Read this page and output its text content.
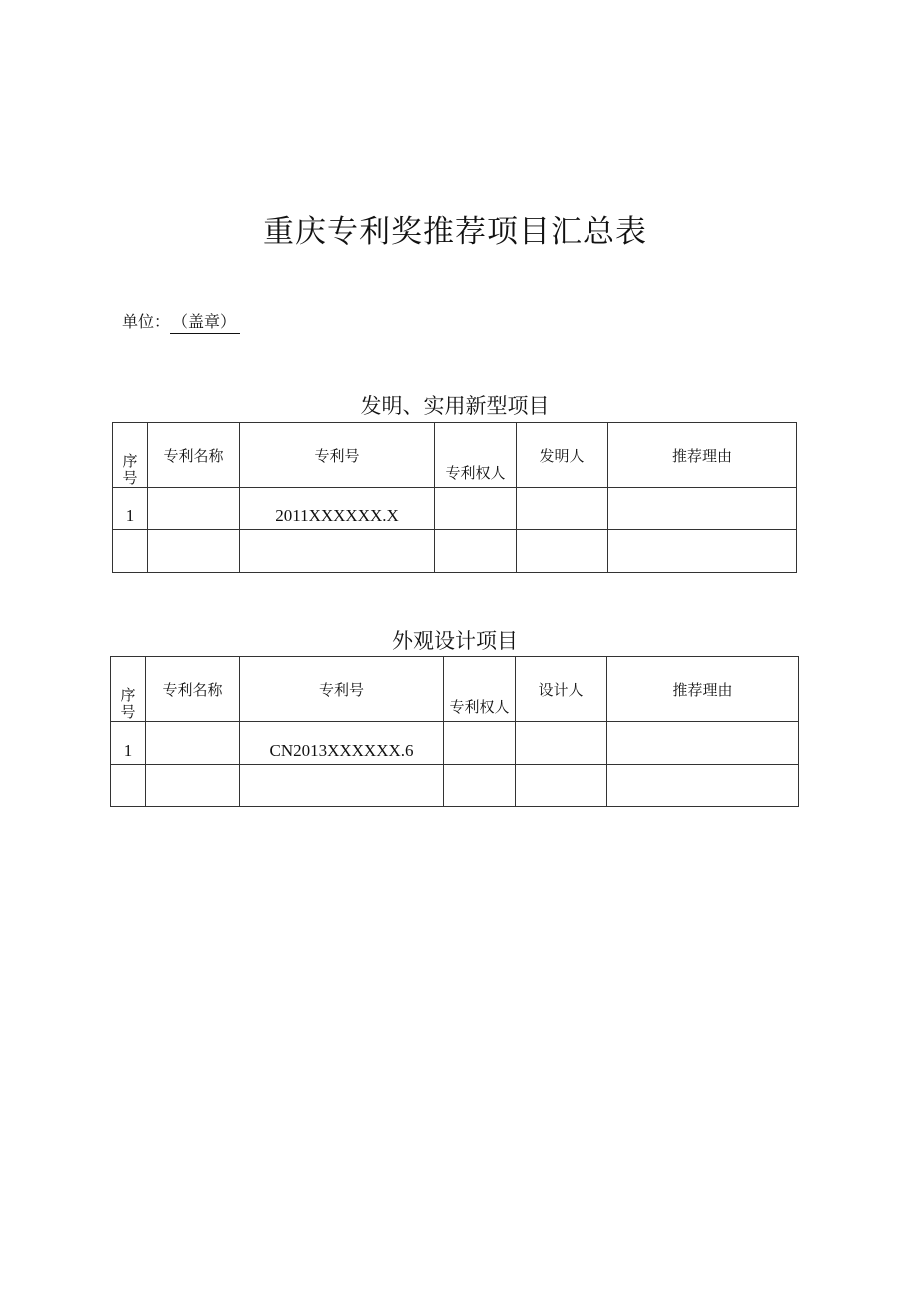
重庆专利奖推荐项目汇总表
单位： （盖章）
发明、实用新型项目
序
号	专利名称	专利号	专利权人	发明人	推荐理由

1		2011XXXXXX.X			

外观设计项目
序
号	专利名称	专利号	专利权人	设计人	推荐理由

1		CN2013XXXXXX.6			
